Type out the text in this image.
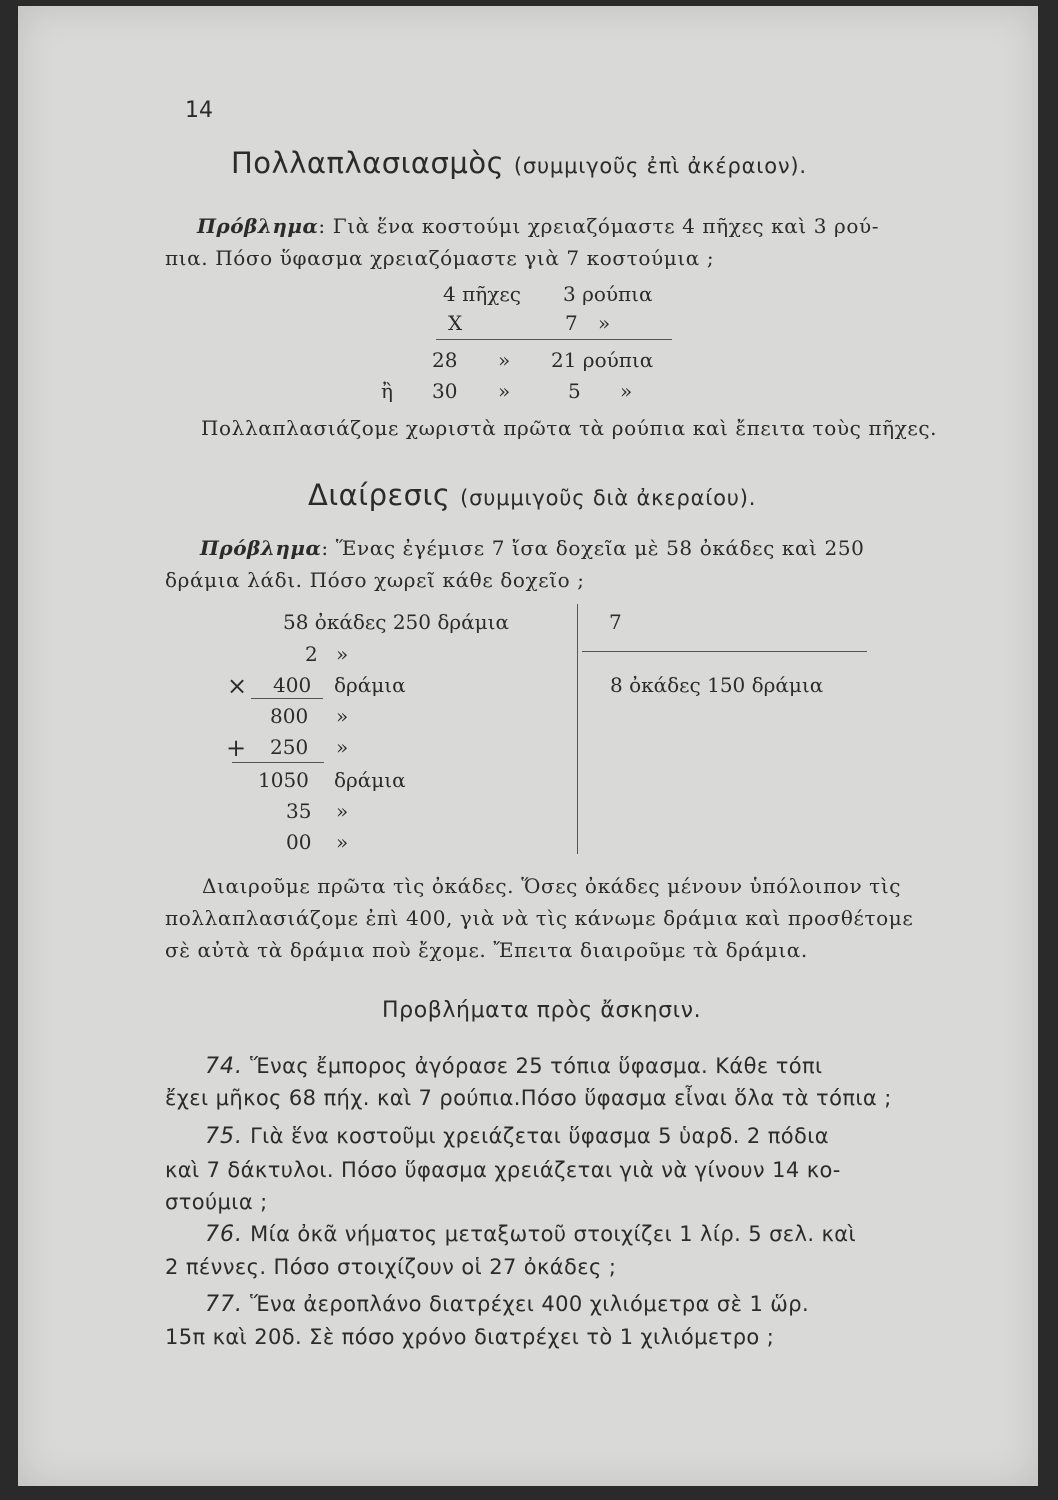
14
Πολλαπλασιασμὸς (συμμιγοῦς ἐπὶ ἀκέραιον).
Πρόβλημα: Γιὰ ἕνα κοστούμι χρειαζόμαστε 4 πῆχες καὶ 3 ρού-
πια. Πόσο ὕφασμα χρειαζόμαστε γιὰ 7 κοστούμια ;
4 πῆχες 3 ρούπια
X	7 »
28 » 21 ρούπια
ἢ 30 »	5 »
Πολλαπλασιάζομε χωριστὰ πρῶτα τὰ ρούπια καὶ ἔπειτα τοὺς πῆχες.
Διαίρεσις (συμμιγοῦς διὰ ἀκεραίου).
Πρόβλημα: Ἕνας ἐγέμισε 7 ἴσα δοχεῖα μὲ 58 ὀκάδες καὶ 250
δράμια λάδι. Πόσο χωρεῖ κάθε δοχεῖο ;
58 ὀκάδες 250 δράμια
2 »
× 400 δράμια
800 »
+ 250 »
1050 δράμια
35 »
00 »
7
8 ὀκάδες 150 δράμια
Διαιροῦμε πρῶτα τὶς ὀκάδες. Ὅσες ὀκάδες μένουν ὑπόλοιπον τὶς
πολλαπλασιάζομε ἐπὶ 400, γιὰ νὰ τὶς κάνωμε δράμια καὶ προσθέτομε
σὲ αὐτὰ τὰ δράμια ποὺ ἔχομε. Ἔπειτα διαιροῦμε τὰ δράμια.
Προβλήματα πρὸς ἄσκησιν.
74. Ἕνας ἔμπορος ἀγόρασε 25 τόπια ὕφασμα. Κάθε τόπι
ἔχει μῆκος 68 πήχ. καὶ 7 ρούπια.Πόσο ὕφασμα εἶναι ὅλα τὰ τόπια ;
75. Γιὰ ἕνα κοστοῦμι χρειάζεται ὕφασμα 5 ὑαρδ. 2 πόδια
καὶ 7 δάκτυλοι. Πόσο ὕφασμα χρειάζεται γιὰ νὰ γίνουν 14 κο-
στούμια ;
76. Μία ὀκᾶ νήματος μεταξωτοῦ στοιχίζει 1 λίρ. 5 σελ. καὶ
2 πέννες. Πόσο στοιχίζουν οἱ 27 ὀκάδες ;
77. Ἕνα ἀεροπλάνο διατρέχει 400 χιλιόμετρα σὲ 1 ὥρ.
15π καὶ 20δ. Σὲ πόσο χρόνο διατρέχει τὸ 1 χιλιόμετρο ;
